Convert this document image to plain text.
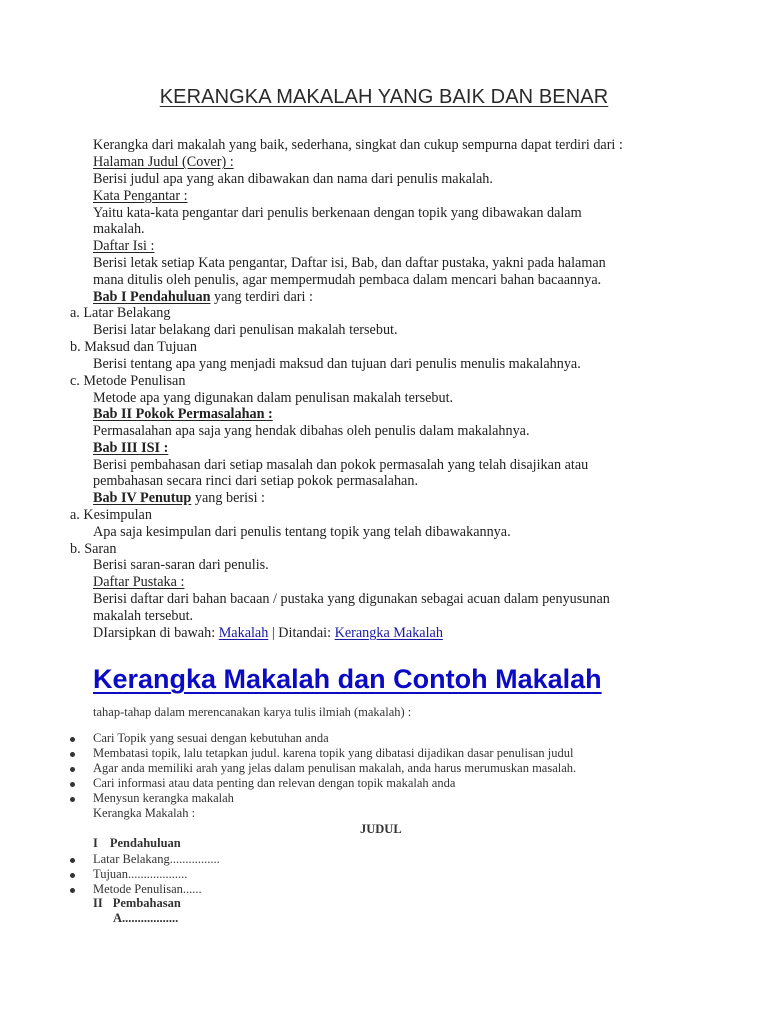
KERANGKA MAKALAH YANG BAIK DAN BENAR
Kerangka dari makalah yang baik, sederhana, singkat dan cukup sempurna dapat terdiri dari :
Halaman Judul (Cover) :
Berisi judul apa yang akan dibawakan dan nama dari penulis makalah.
Kata Pengantar :
Yaitu kata-kata pengantar dari penulis berkenaan dengan topik yang dibawakan dalam
makalah.
Daftar Isi :
Berisi letak setiap Kata pengantar, Daftar isi, Bab, dan daftar pustaka, yakni pada halaman
mana ditulis oleh penulis, agar mempermudah pembaca dalam mencari bahan bacaannya.
Bab I Pendahuluan yang terdiri dari :
a. Latar Belakang
Berisi latar belakang dari penulisan makalah tersebut.
b. Maksud dan Tujuan
Berisi tentang apa yang menjadi maksud dan tujuan dari penulis menulis makalahnya.
c. Metode Penulisan
Metode apa yang digunakan dalam penulisan makalah tersebut.
Bab II Pokok Permasalahan :
Permasalahan apa saja yang hendak dibahas oleh penulis dalam makalahnya.
Bab III ISI :
Berisi pembahasan dari setiap masalah dan pokok permasalah yang telah disajikan atau
pembahasan secara rinci dari setiap pokok permasalahan.
Bab IV Penutup yang berisi :
a. Kesimpulan
Apa saja kesimpulan dari penulis tentang topik yang telah dibawakannya.
b. Saran
Berisi saran-saran dari penulis.
Daftar Pustaka :
Berisi daftar dari bahan bacaan / pustaka yang digunakan sebagai acuan dalam penyusunan
makalah tersebut.
DIarsipkan di bawah: Makalah | Ditandai: Kerangka Makalah
Kerangka Makalah dan Contoh Makalah
tahap-tahap dalam merencanakan karya tulis ilmiah (makalah) :
Cari Topik yang sesuai dengan kebutuhan anda
Membatasi topik, lalu tetapkan judul. karena topik yang dibatasi dijadikan dasar penulisan judul
Agar anda memiliki arah yang jelas dalam penulisan makalah, anda harus merumuskan masalah.
Cari informasi atau data penting dan relevan dengan topik makalah anda
Menysun kerangka makalah
Kerangka Makalah :
JUDUL
I Pendahuluan
Latar Belakang................
Tujuan...................
Metode Penulisan......
II Pembahasan
A..................
